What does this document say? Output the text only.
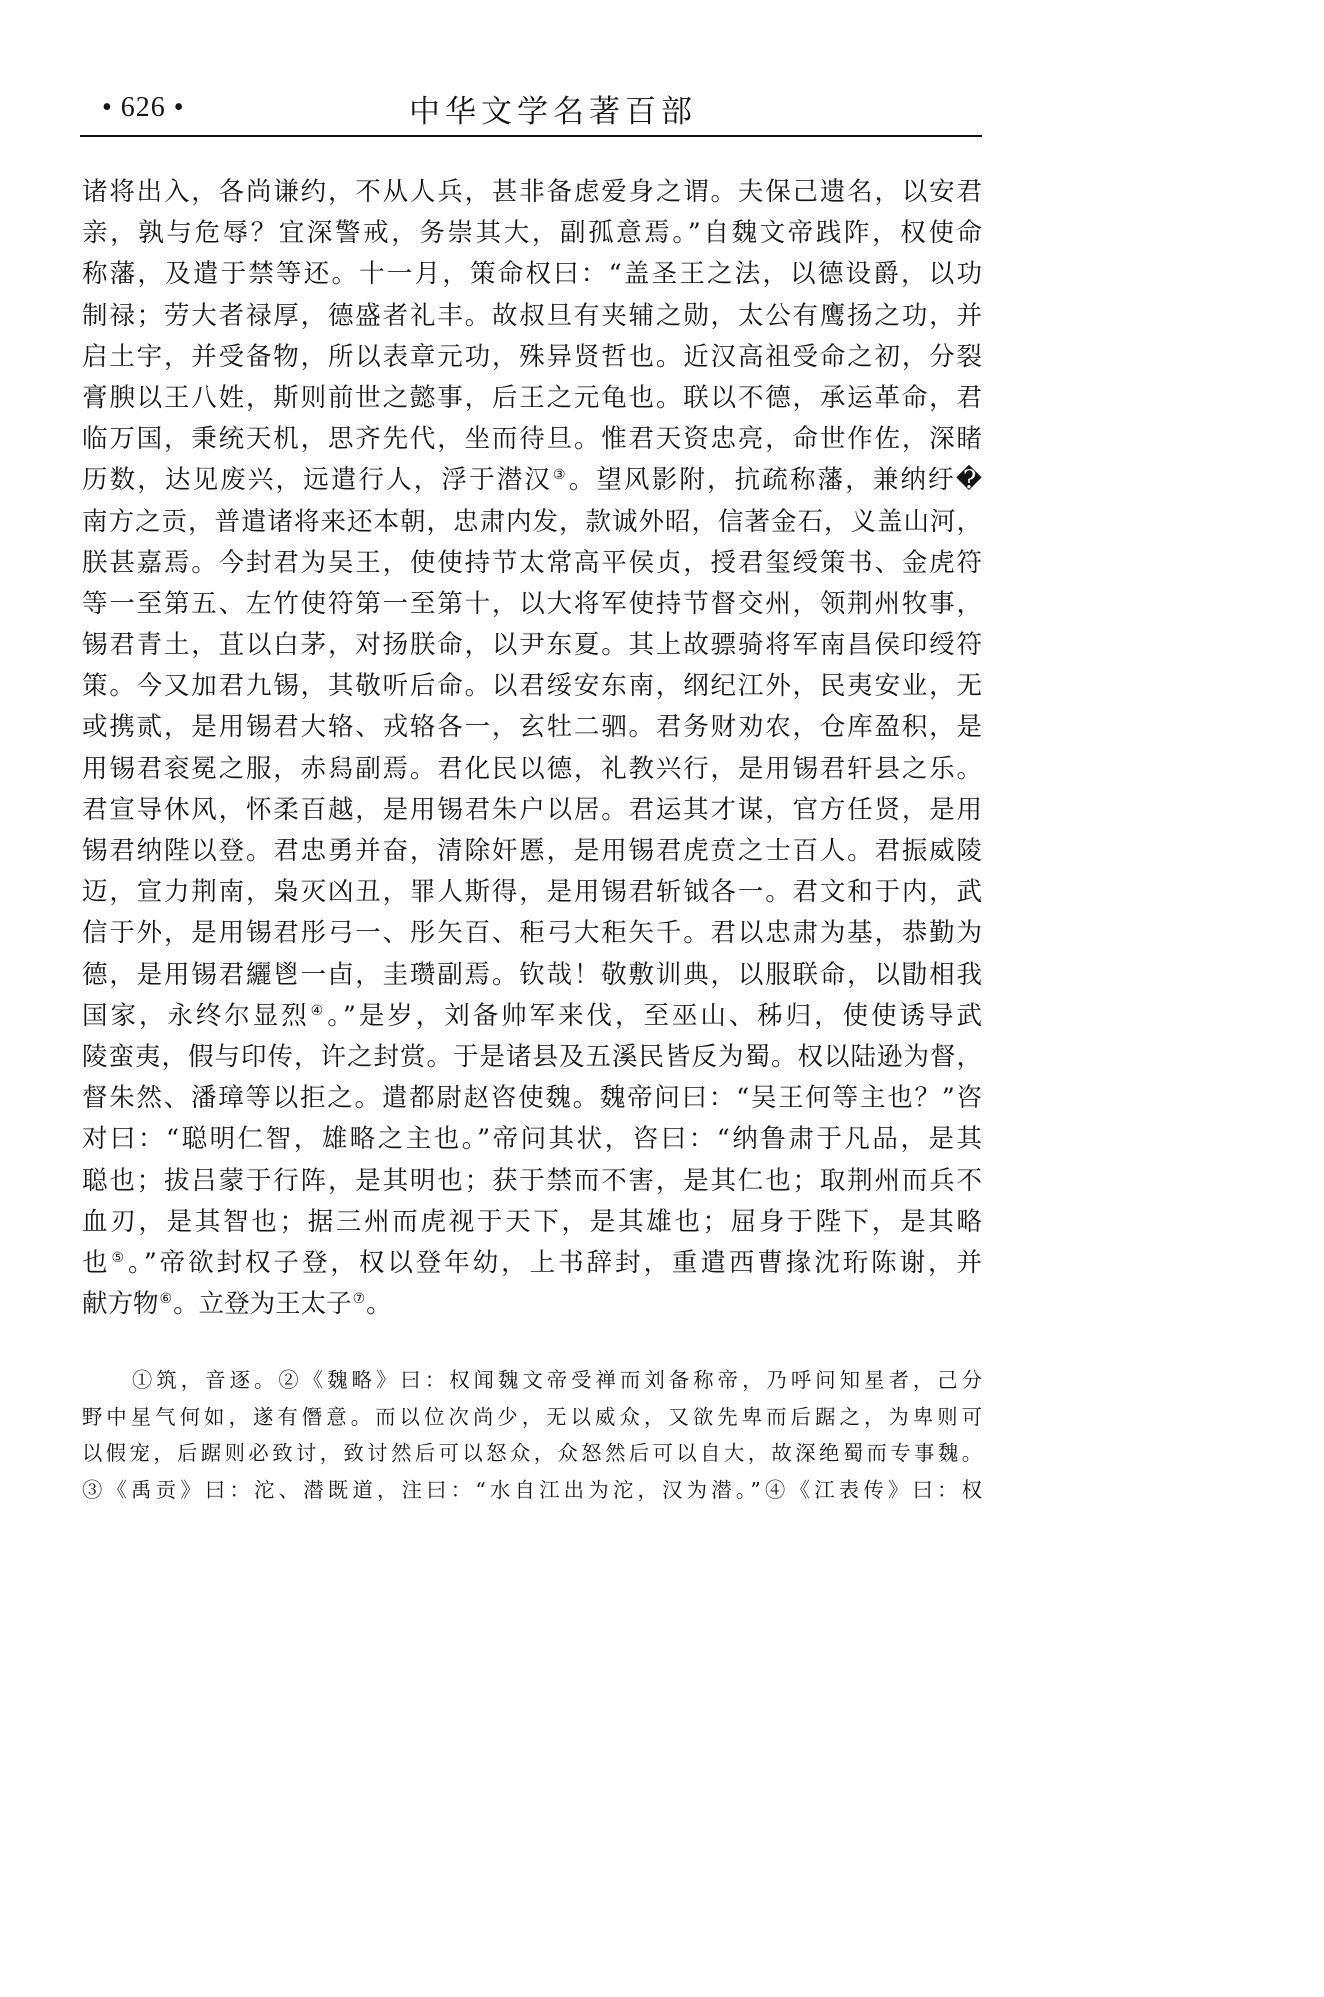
• 626 •	中华文学名著百部
诸将出入，各尚谦约，不从人兵，甚非备虑爱身之谓。夫保己遗名，以安君
亲，孰与危辱？宜深警戒，务崇其大，副孤意焉。”自魏文帝践阼，权使命
称藩，及遣于禁等还。十一月，策命权曰：“盖圣王之法，以德设爵，以功
制禄；劳大者禄厚，德盛者礼丰。故叔旦有夹辅之勋，太公有鹰扬之功，并
启土宇，并受备物，所以表章元功，殊异贤哲也。近汉高祖受命之初，分裂
膏腴以王八姓，斯则前世之懿事，后王之元龟也。联以不德，承运革命，君
临万国，秉统天机，思齐先代，坐而待旦。惟君天资忠亮，命世作佐，深睹
历数，达见废兴，远遣行人，浮于潜汉③。望风影附，抗疏称藩，兼纳纡�
南方之贡，普遣诸将来还本朝，忠肃内发，款诚外昭，信著金石，义盖山河，
朕甚嘉焉。今封君为吴王，使使持节太常高平侯贞，授君玺绶策书、金虎符
等一至第五、左竹使符第一至第十，以大将军使持节督交州，领荆州牧事，
锡君青土，苴以白茅，对扬朕命，以尹东夏。其上故骠骑将军南昌侯印绶符
策。今又加君九锡，其敬听后命。以君绥安东南，纲纪江外，民夷安业，无
或携贰，是用锡君大辂、戎辂各一，玄牡二驷。君务财劝农，仓库盈积，是
用锡君衮冕之服，赤舄副焉。君化民以德，礼教兴行，是用锡君轩县之乐。
君宣导休风，怀柔百越，是用锡君朱户以居。君运其才谋，官方任贤，是用
锡君纳陛以登。君忠勇并奋，清除奸慝，是用锡君虎贲之士百人。君振威陵
迈，宣力荆南，枭灭凶丑，罪人斯得，是用锡君斩钺各一。君文和于内，武
信于外，是用锡君彤弓一、彤矢百、秬弓大秬矢千。君以忠肃为基，恭勤为
德，是用锡君纚鬯一卣，圭瓒副焉。钦哉！敬敷训典，以服联命，以勖相我
国家，永终尔显烈④。”是岁，刘备帅军来伐，至巫山、秭归，使使诱导武
陵蛮夷，假与印传，许之封赏。于是诸县及五溪民皆反为蜀。权以陆逊为督，
督朱然、潘璋等以拒之。遣都尉赵咨使魏。魏帝问曰：“吴王何等主也？”咨
对曰：“聪明仁智，雄略之主也。”帝问其状，咨曰：“纳鲁肃于凡品，是其
聪也；拔吕蒙于行阵，是其明也；获于禁而不害，是其仁也；取荆州而兵不
血刃，是其智也；据三州而虎视于天下，是其雄也；屈身于陛下，是其略
也⑤。”帝欲封权子登，权以登年幼，上书辞封，重遣西曹掾沈珩陈谢，并
献方物⑥。立登为王太子⑦。
①筑，音逐。②《魏略》曰：权闻魏文帝受禅而刘备称帝，乃呼问知星者，己分
野中星气何如，遂有僭意。而以位次尚少，无以威众，又欲先卑而后踞之，为卑则可
以假宠，后踞则必致讨，致讨然后可以怒众，众怒然后可以自大，故深绝蜀而专事魏。
③《禹贡》曰：沱、潜既道，注曰：“水自江出为沱，汉为潜。”④《江表传》曰：权
